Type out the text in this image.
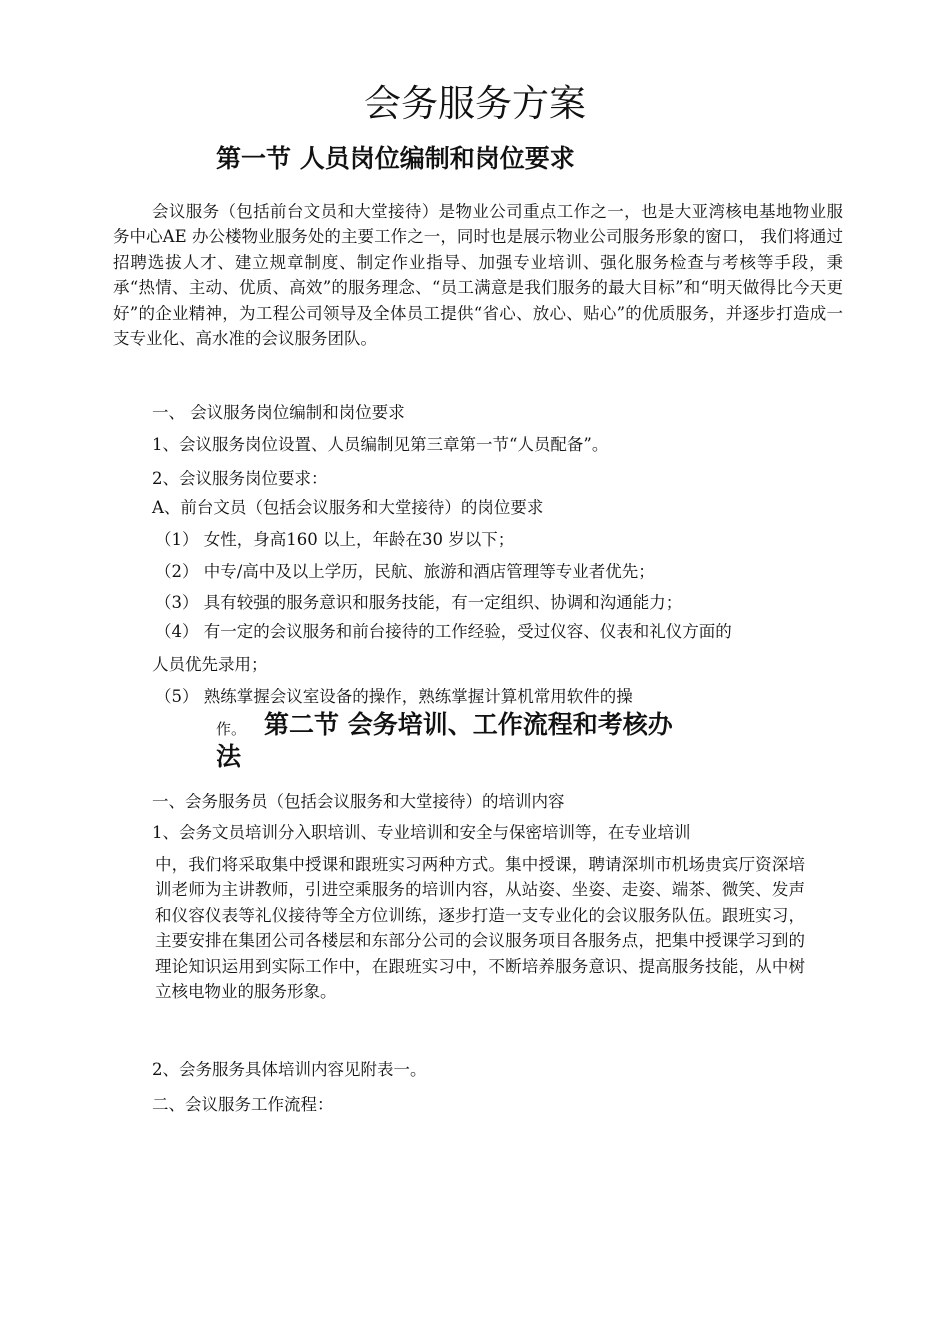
会务服务方案
第一节 人员岗位编制和岗位要求

会议服务（包括前台文员和大堂接待）是物业公司重点工作之一，也是大亚湾核电基地物业服务中心AE 办公楼物业服务处的主要工作之一，同时也是展示物业公司服务形象的窗口， 我们将通过招聘选拔人才、建立规章制度、制定作业指导、加强专业培训、强化服务检查与考核等手段，秉承“热情、主动、优质、高效”的服务理念、“员工满意是我们服务的最大目标”和“明天做得比今天更好”的企业精神，为工程公司领导及全体员工提供“省心、放心、贴心”的优质服务，并逐步打造成一支专业化、高水准的会议服务团队。

一、 会议服务岗位编制和岗位要求
1、会议服务岗位设置、人员编制见第三章第一节“人员配备”。
2、会议服务岗位要求：
A、前台文员（包括会议服务和大堂接待）的岗位要求
（1） 女性，身高160 以上，年龄在30 岁以下；
（2） 中专/高中及以上学历，民航、旅游和酒店管理等专业者优先；
（3） 具有较强的服务意识和服务技能，有一定组织、协调和沟通能力；
（4） 有一定的会议服务和前台接待的工作经验，受过仪容、仪表和礼仪方面的
人员优先录用；
（5） 熟练掌握会议室设备的操作，熟练掌握计算机常用软件的操
作。 第二节 会务培训、工作流程和考核办
法
一、会务服务员（包括会议服务和大堂接待）的培训内容
1、会务文员培训分入职培训、专业培训和安全与保密培训等，在专业培训

中，我们将采取集中授课和跟班实习两种方式。集中授课，聘请深圳市机场贵宾厅资深培训老师为主讲教师，引进空乘服务的培训内容，从站姿、坐姿、走姿、端茶、微笑、发声和仪容仪表等礼仪接待等全方位训练，逐步打造一支专业化的会议服务队伍。跟班实习，主要安排在集团公司各楼层和东部分公司的会议服务项目各服务点，把集中授课学习到的理论知识运用到实际工作中，在跟班实习中，不断培养服务意识、提高服务技能，从中树立核电物业的服务形象。

2、会务服务具体培训内容见附表一。
二、会议服务工作流程：
